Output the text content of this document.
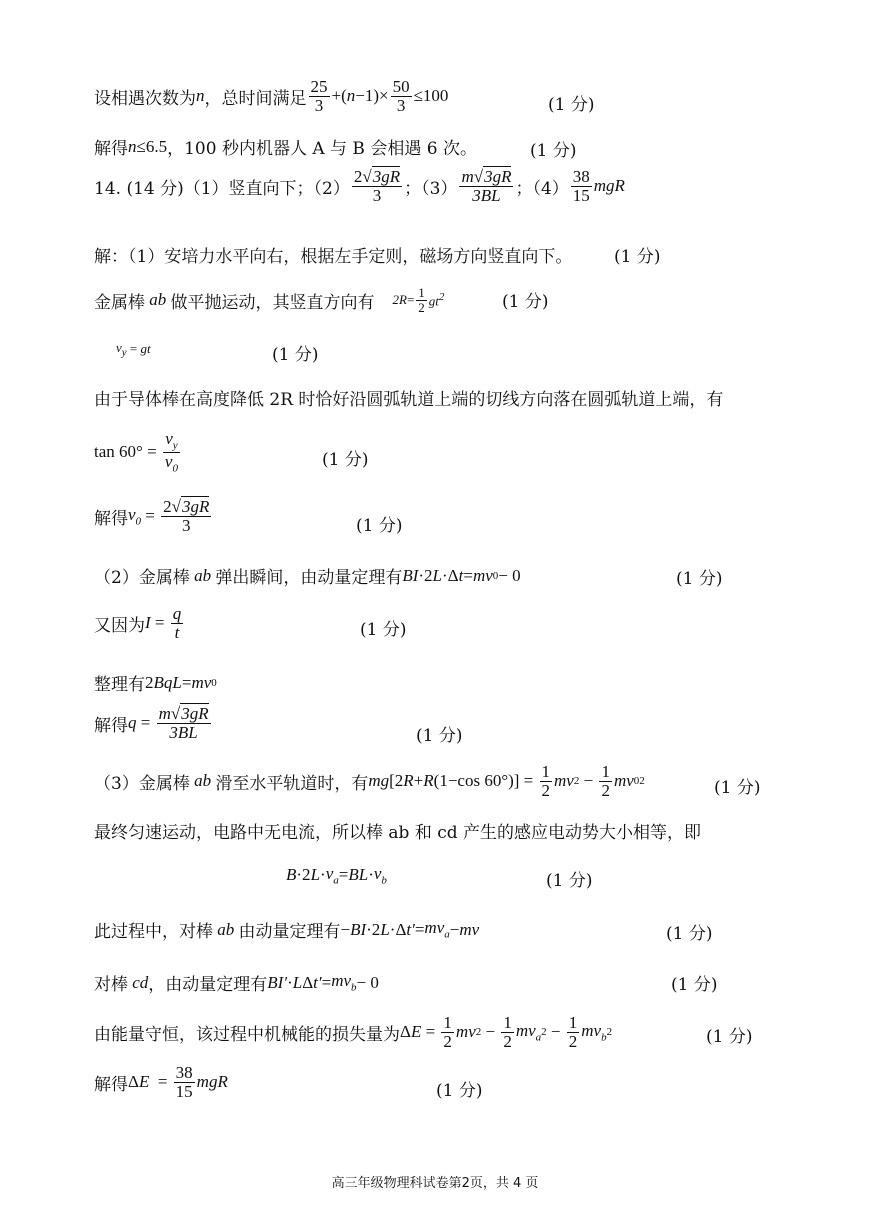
设相遇次数为 n ，总时间满足 $\frac{25}{3} +(n-1)\times \frac{50}{3} \le 100$	(1 分)
解得 n ≤6.5 ，100 秒内机器人 A 与 B 会相遇 6 次。	(1 分)
14. (14 分)（1）竖直向下；$(2) \frac{2√3gR}{3}$ ；$(3) \frac{m√3gR}{3BL}$ ；$(4) \frac{38}{15}$ mgR
解：（1）安培力水平向右，根据左手定则，磁场方向竖直向下。 (1 分)
金属棒 ab 做平抛运动，其竖直方向有 $2R = \frac{1}{2} gt^2$	(1 分)
$v_y$ = gt	(1 分)
由于导体棒在高度降低 2R 时恰好沿圆弧轨道上端的切线方向落在圆弧轨道上端，有
$\tan 60^\circ = \frac{v_y}{v_0}$	(1 分)
解得 $v_0 = \frac{2√3gR}{3}$	(1 分)
（2）金属棒 ab 弹出瞬间，由动量定理有 BI ·2 L ·Δ t = mv 0 − 0	(1 分)
又因为 $I = \frac{q}{t}$	(1 分)
整理有 2 BqL = mv 0
解得 $q = \frac{m√3gR}{3BL}$	(1 分)
（3）金属棒 ab 滑至水平轨道时，有 mg [2 R + R (1−cos $60^\circ)] = \frac{1}{2}$ mv $2 - \frac{1}{2}$ mv 0 2	(1 分)
最终匀速运动，电路中无电流，所以棒 ab 和 cd 产生的感应电动势大小相等，即
B ·2 $L \cdot v_a$ = BL · $v_b$	(1 分)
此过程中，对棒 ab 由动量定理有 − BI ·2 L ·Δ $t' = mv_a$ − mv	(1 分)
对棒 cd ，由动量定理有 BI′ · L Δ $t' = mv_b - 0$	(1 分)
由能量守恒，该过程中机械能的损失量为 Δ $E = \frac{1}{2}$ mv $2 - \frac{1}{2} mv_a$ $2 - \frac{1}{2} mv_b$ 2	(1 分)
解得 Δ $E = \frac{38}{15}$ mgR	(1 分)
高三年级物理科试卷第2页，共 4 页
